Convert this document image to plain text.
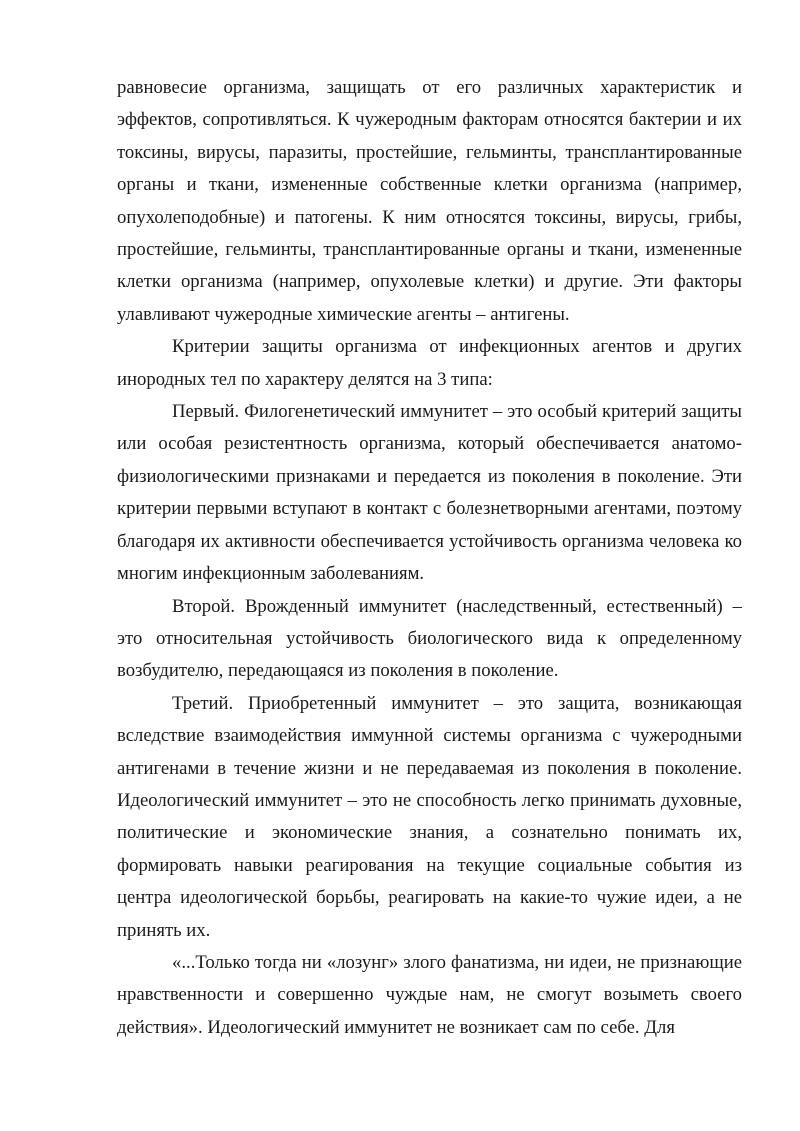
равновесие организма, защищать от его различных характеристик и эффектов, сопротивляться. К чужеродным факторам относятся бактерии и их токсины, вирусы, паразиты, простейшие, гельминты, трансплантированные органы и ткани, измененные собственные клетки организма (например, опухолеподобные) и патогены. К ним относятся токсины, вирусы, грибы, простейшие, гельминты, трансплантированные органы и ткани, измененные клетки организма (например, опухолевые клетки) и другие. Эти факторы улавливают чужеродные химические агенты – антигены.

Критерии защиты организма от инфекционных агентов и других инородных тел по характеру делятся на 3 типа:

Первый. Филогенетический иммунитет – это особый критерий защиты или особая резистентность организма, который обеспечивается анатомо-физиологическими признаками и передается из поколения в поколение. Эти критерии первыми вступают в контакт с болезнетворными агентами, поэтому благодаря их активности обеспечивается устойчивость организма человека ко многим инфекционным заболеваниям.

Второй. Врожденный иммунитет (наследственный, естественный) – это относительная устойчивость биологического вида к определенному возбудителю, передающаяся из поколения в поколение.

Третий. Приобретенный иммунитет – это защита, возникающая вследствие взаимодействия иммунной системы организма с чужеродными антигенами в течение жизни и не передаваемая из поколения в поколение. Идеологический иммунитет – это не способность легко принимать духовные, политические и экономические знания, а сознательно понимать их, формировать навыки реагирования на текущие социальные события из центра идеологической борьбы, реагировать на какие-то чужие идеи, а не принять их.

«...Только тогда ни «лозунг» злого фанатизма, ни идеи, не признающие нравственности и совершенно чуждые нам, не смогут возыметь своего действия». Идеологический иммунитет не возникает сам по себе. Для
